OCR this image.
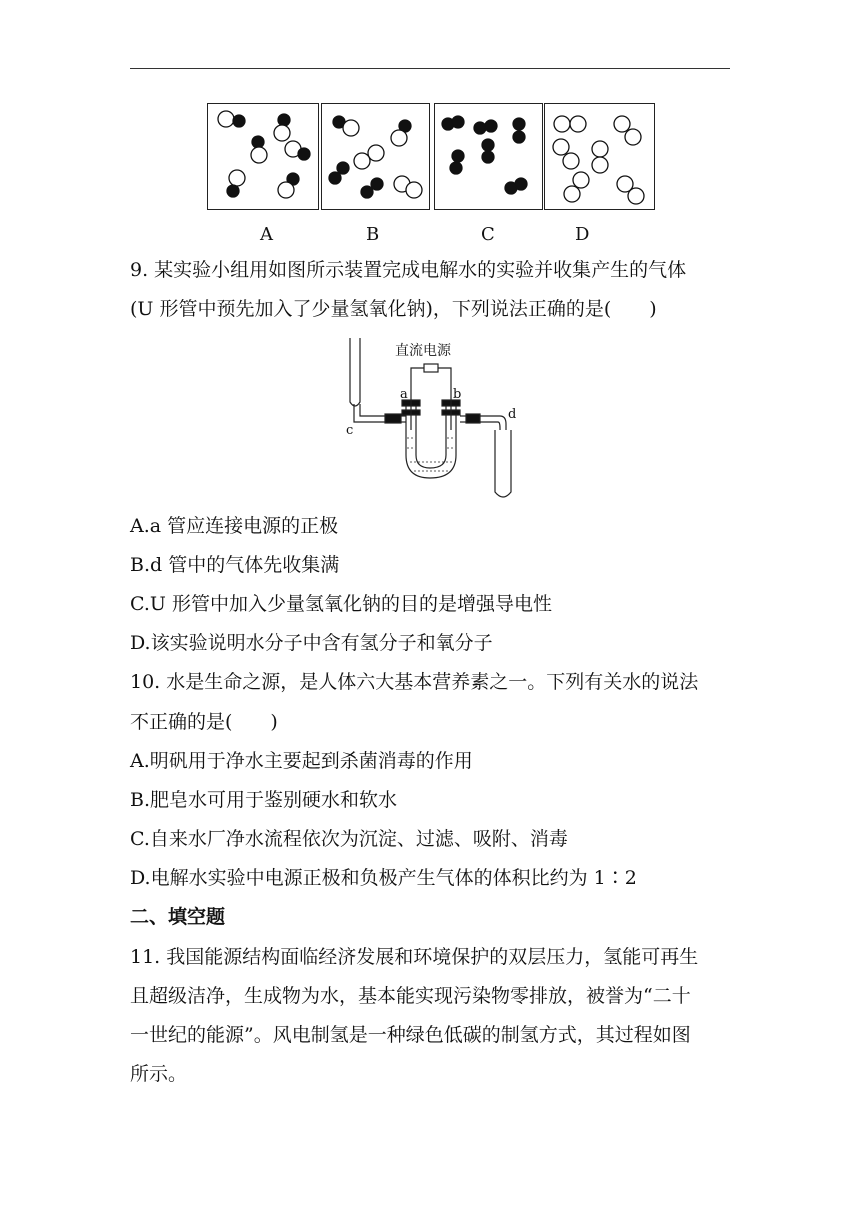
A	B	C	D
9. 某实验小组用如图所示装置完成电解水的实验并收集产生的气体
(U 形管中预先加入了少量氢氧化钠)，下列说法正确的是(　　)
直流电源
a	b
c
d
A.a 管应连接电源的正极
B.d 管中的气体先收集满
C.U 形管中加入少量氢氧化钠的目的是增强导电性
D.该实验说明水分子中含有氢分子和氧分子
10. 水是生命之源，是人体六大基本营养素之一。下列有关水的说法
不正确的是(　　)
A.明矾用于净水主要起到杀菌消毒的作用
B.肥皂水可用于鉴别硬水和软水
C.自来水厂净水流程依次为沉淀、过滤、吸附、消毒
D.电解水实验中电源正极和负极产生气体的体积比约为 1∶2
二、填空题
11. 我国能源结构面临经济发展和环境保护的双层压力，氢能可再生
且超级洁净，生成物为水，基本能实现污染物零排放，被誉为“二十
一世纪的能源”。风电制氢是一种绿色低碳的制氢方式，其过程如图
所示。
